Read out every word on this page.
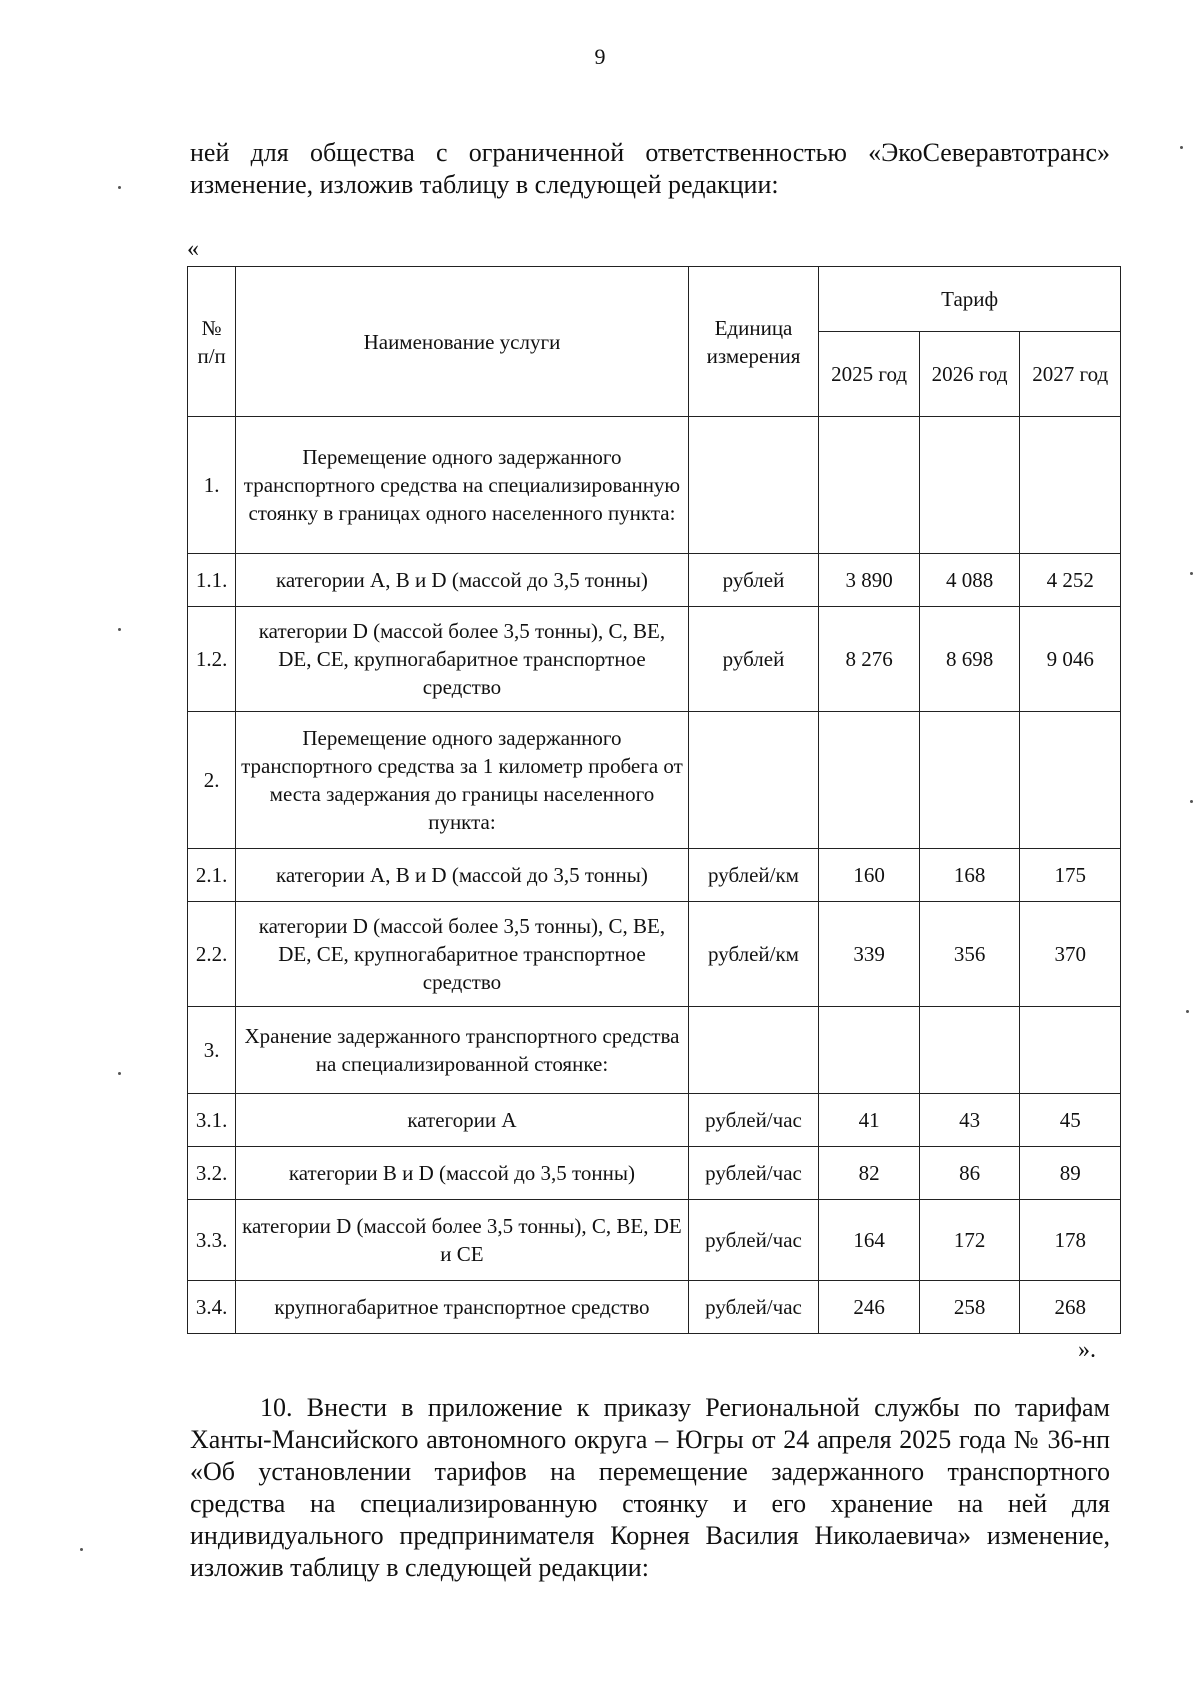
9

ней для общества с ограниченной ответственностью «ЭкоСеверавтотранс» изменение, изложив таблицу в следующей редакции:

«
№ п/п	Наименование услуги	Единица измерения	Тариф		
			2025 год	2026 год	2027 год
1.	Перемещение одного задержанного транспортного средства на специализированную стоянку в границах одного населенного пункта:				
1.1.	категории А, В и D (массой до 3,5 тонны)	рублей	3 890	4 088	4 252
1.2.	категории D (массой более 3,5 тонны), С, ВЕ, DE, СЕ, крупногабаритное транспортное средство	рублей	8 276	8 698	9 046
2.	Перемещение одного задержанного транспортного средства за 1 километр пробега от места задержания до границы населенного пункта:				
2.1.	категории А, В и D (массой до 3,5 тонны)	рублей/км	160	168	175
2.2.	категории D (массой более 3,5 тонны), С, ВЕ, DE, СЕ, крупногабаритное транспортное средство	рублей/км	339	356	370
3.	Хранение задержанного транспортного средства на специализированной стоянке:				
3.1.	категории А	рублей/час	41	43	45
3.2.	категории В и D (массой до 3,5 тонны)	рублей/час	82	86	89
3.3.	категории D (массой более 3,5 тонны), С, ВЕ, DE и СЕ	рублей/час	164	172	178
3.4.	крупногабаритное транспортное средство	рублей/час	246	258	268
».

10. Внести в приложение к приказу Региональной службы по тарифам Ханты-Мансийского автономного округа – Югры от 24 апреля 2025 года № 36-нп «Об установлении тарифов на перемещение задержанного транспортного средства на специализированную стоянку и его хранение на ней для индивидуального предпринимателя Корнея Василия Николаевича» изменение, изложив таблицу в следующей редакции:
